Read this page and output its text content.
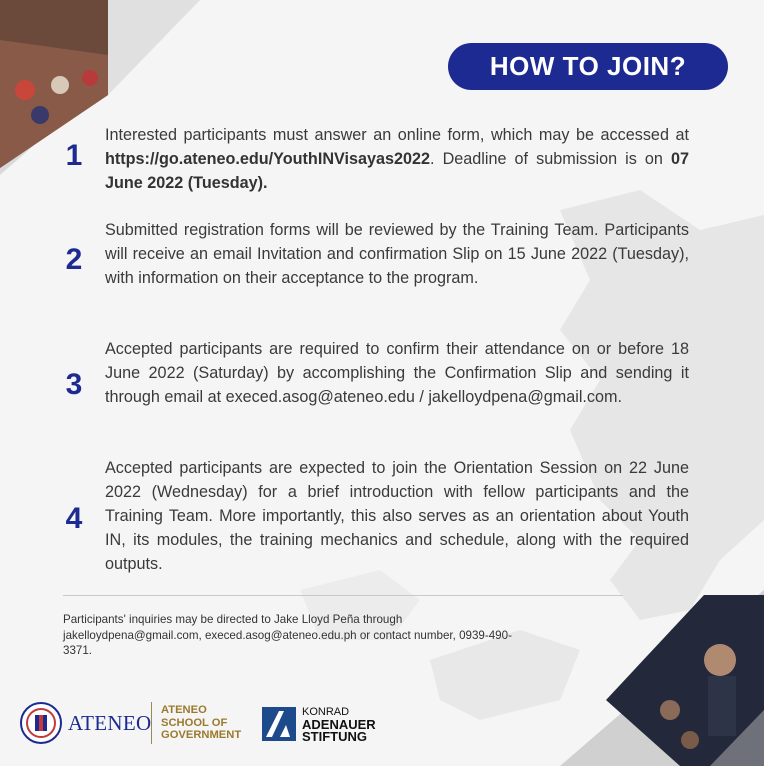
HOW TO JOIN?
1
Interested participants must answer an online form, which may be accessed at https://go.ateneo.edu/YouthINVisayas2022. Deadline of submission is on 07 June 2022 (Tuesday).
2
Submitted registration forms will be reviewed by the Training Team. Participants will receive an email Invitation and confirmation Slip on 15 June 2022 (Tuesday), with information on their acceptance to the program.
3
Accepted participants are required to confirm their attendance on or before 18 June 2022 (Saturday) by accomplishing the Confirmation Slip and sending it through email at execed.asog@ateneo.edu / jakelloydpena@gmail.com.
4
Accepted participants are expected to join the Orientation Session on 22 June 2022 (Wednesday) for a brief introduction with fellow participants and the Training Team. More importantly, this also serves as an orientation about Youth IN, its modules, the training mechanics and schedule, along with the required outputs.
Participants' inquiries may be directed to Jake Lloyd Peña through jakelloydpena@gmail.com, execed.asog@ateneo.edu.ph or contact number, 0939-490-3371.
ATENEO
ATENEO
SCHOOL OF
GOVERNMENT
KONRAD
ADENAUER
STIFTUNG
